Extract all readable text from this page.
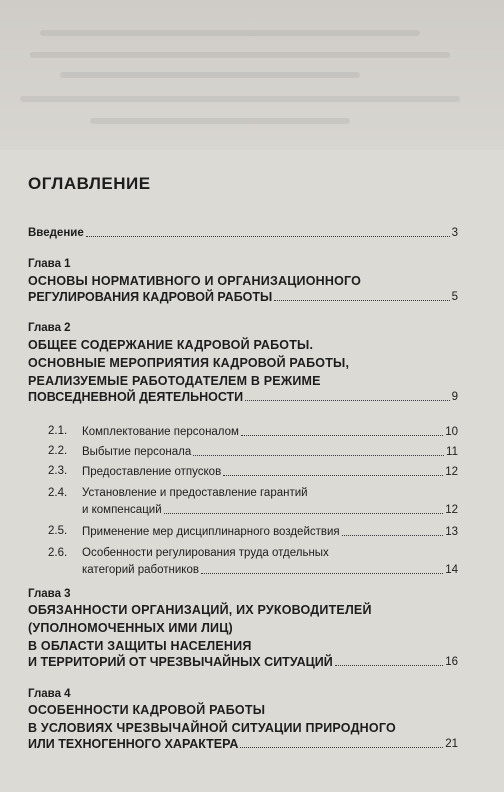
ОГЛАВЛЕНИЕ
Введение	3
Глава 1
ОСНОВЫ НОРМАТИВНОГО И ОРГАНИЗАЦИОННОГО
РЕГУЛИРОВАНИЯ КАДРОВОЙ РАБОТЫ	5
Глава 2
ОБЩЕЕ СОДЕРЖАНИЕ КАДРОВОЙ РАБОТЫ.
ОСНОВНЫЕ МЕРОПРИЯТИЯ КАДРОВОЙ РАБОТЫ,
РЕАЛИЗУЕМЫЕ РАБОТОДАТЕЛЕМ В РЕЖИМЕ
ПОВСЕДНЕВНОЙ ДЕЯТЕЛЬНОСТИ	9
2.1. Комплектование персоналом	10
2.2. Выбытие персонала	11
2.3. Предоставление отпусков	12
2.4. Установление и предоставление гарантий
и компенсаций	12
2.5. Применение мер дисциплинарного воздействия	13
2.6. Особенности регулирования труда отдельных
категорий работников	14
Глава 3
ОБЯЗАННОСТИ ОРГАНИЗАЦИЙ, ИХ РУКОВОДИТЕЛЕЙ
(УПОЛНОМОЧЕННЫХ ИМИ ЛИЦ)
В ОБЛАСТИ ЗАЩИТЫ НАСЕЛЕНИЯ
И ТЕРРИТОРИЙ ОТ ЧРЕЗВЫЧАЙНЫХ СИТУАЦИЙ	16
Глава 4
ОСОБЕННОСТИ КАДРОВОЙ РАБОТЫ
В УСЛОВИЯХ ЧРЕЗВЫЧАЙНОЙ СИТУАЦИИ ПРИРОДНОГО
ИЛИ ТЕХНОГЕННОГО ХАРАКТЕРА	21
